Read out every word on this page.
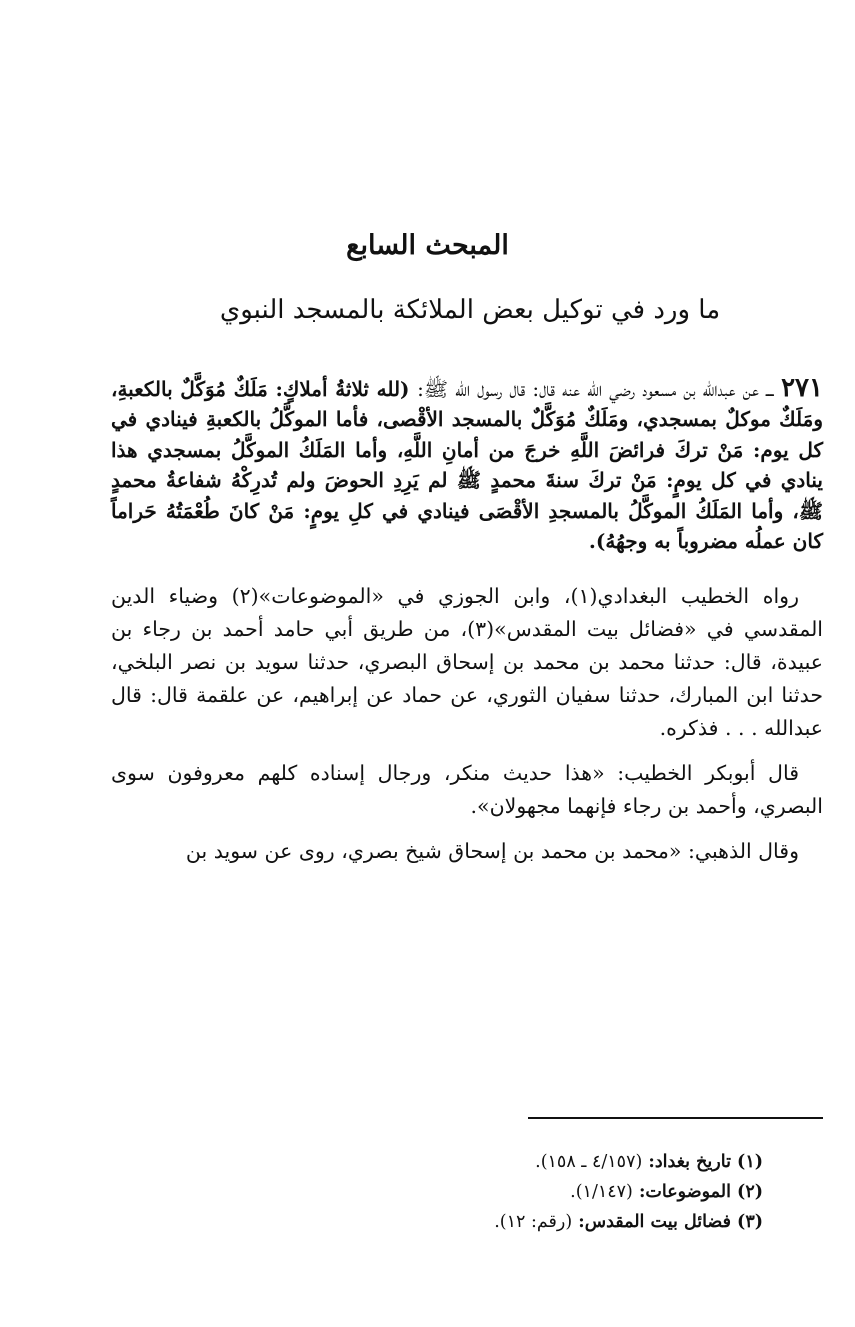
المبحث السابع
ما ورد في توكيل بعض الملائكة بالمسجد النبوي

٢٧١ ـــ عن عبدالله بن مسعود رضي الله عنه قال: قال رسول الله ﷺ: (لله ثلاثةُ أملاكٍ: مَلَكٌ مُوَكَّلٌ بالكعبةِ، ومَلَكٌ موكلٌ بمسجدي، ومَلَكٌ مُوَكَّلٌ بالمسجد الأقْصى، فأما الموكَّلُ بالكعبةِ فينادي في كل يوم: مَنْ تركَ فرائضَ اللَّهِ خرجَ من أمانِ اللَّهِ، وأما المَلَكُ الموكَّلُ بمسجدي هذا ينادي في كل يومٍ: مَنْ تركَ سنةَ محمدٍ ﷺ لم يَرِدِ الحوضَ ولم تُدرِكْهُ شفاعةُ محمدٍ ﷺ، وأما المَلَكُ الموكَّلُ بالمسجدِ الأقْصَى فينادي في كلِ يومٍ: مَنْ كانَ طُعْمَتُهُ حَراماً كان عملُه مضروباً به وجهُهُ).

رواه الخطيب البغدادي(١)، وابن الجوزي في «الموضوعات»(٢) وضياء الدين المقدسي في «فضائل بيت المقدس»(٣)، من طريق أبي حامد أحمد بن رجاء بن عبيدة، قال: حدثنا محمد بن محمد بن إسحاق البصري، حدثنا سويد بن نصر البلخي، حدثنا ابن المبارك، حدثنا سفيان الثوري، عن حماد عن إبراهيم، عن علقمة قال: قال عبدالله . . . فذكره.

قال أبوبكر الخطيب: «هذا حديث منكر، ورجال إسناده كلهم معروفون سوى البصري، وأحمد بن رجاء فإنهما مجهولان».

وقال الذهبي: «محمد بن محمد بن إسحاق شيخ بصري، روى عن سويد بن

(١) تاريخ بغداد: (٤/١٥٧ ـ ١٥٨).
(٢) الموضوعات: (١/١٤٧).
(٣) فضائل بيت المقدس: (رقم: ١٢).
